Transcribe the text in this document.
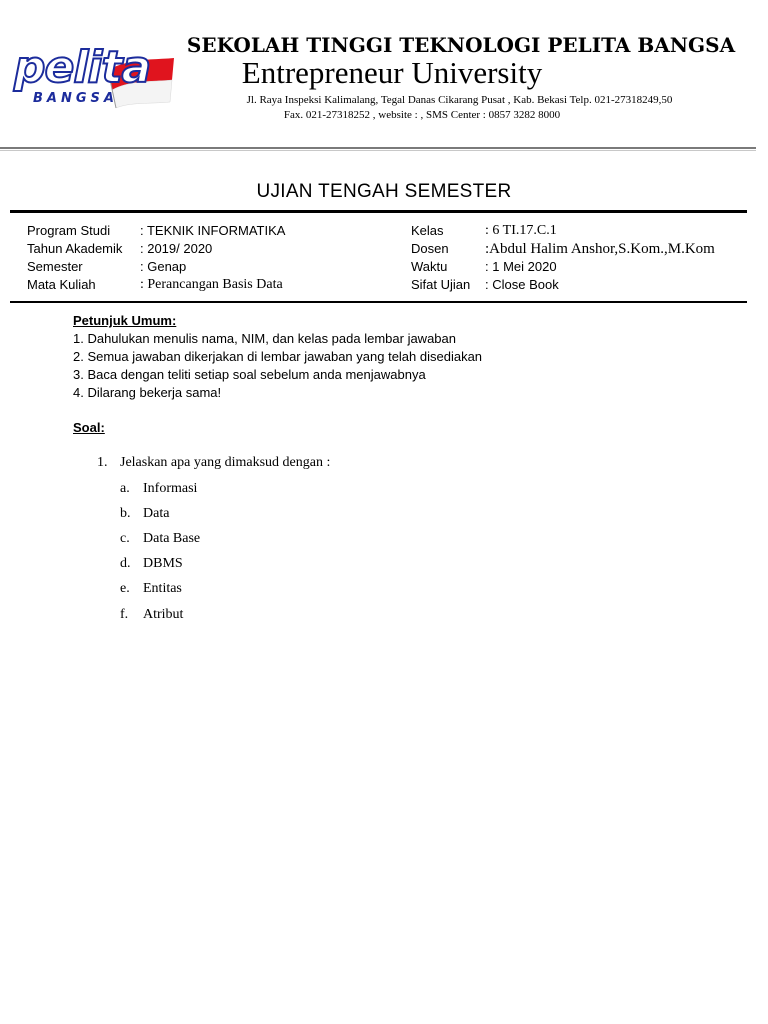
pelita
BANGSA
SEKOLAH TINGGI TEKNOLOGI PELITA BANGSA
Entrepreneur University
Jl. Raya Inspeksi Kalimalang, Tegal Danas Cikarang Pusat , Kab. Bekasi Telp. 021-27318249,50
Fax. 021-27318252 , website : , SMS Center : 0857 3282 8000
UJIAN TENGAH SEMESTER
Program Studi : TEKNIK INFORMATIKA
Tahun Akademik : 2019/ 2020
Semester	: Genap
Mata Kuliah	: Perancangan Basis Data
Kelas	: 6 TI.17.C.1
Dosen :Abdul Halim Anshor,S.Kom.,M.Kom
Waktu	: 1 Mei 2020
Sifat Ujian : Close Book
Petunjuk Umum:
1. Dahulukan menulis nama, NIM, dan kelas pada lembar jawaban
2. Semua jawaban dikerjakan di lembar jawaban yang telah disediakan
3. Baca dengan teliti setiap soal sebelum anda menjawabnya
4. Dilarang bekerja sama!
Soal:
1. Jelaskan apa yang dimaksud dengan :
a. Informasi
b. Data
c. Data Base
d. DBMS
e. Entitas
f. Atribut
